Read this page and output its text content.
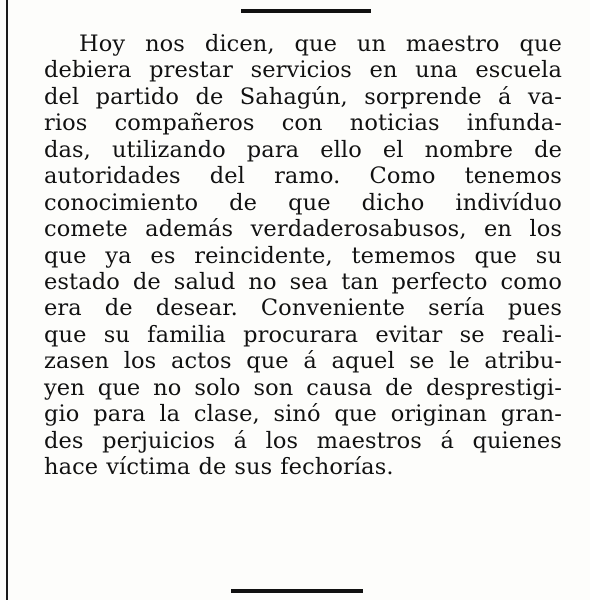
Hoy nos dicen, que un maestro que
debiera prestar servicios en una escuela
del partido de Sahagún, sorprende á va-
rios compañeros con noticias infunda-
das, utilizando para ello el nombre de
autoridades del ramo. Como tenemos
conocimiento de que dicho indivíduo
comete además verdaderosabusos, en los
que ya es reincidente, tememos que su
estado de salud no sea tan perfecto como
era de desear. Conveniente sería pues
que su familia procurara evitar se reali-
zasen los actos que á aquel se le atribu-
yen que no solo son causa de desprestigi-
gio para la clase, sinó que originan gran-
des perjuicios á los maestros á quienes
hace víctima de sus fechorías.
